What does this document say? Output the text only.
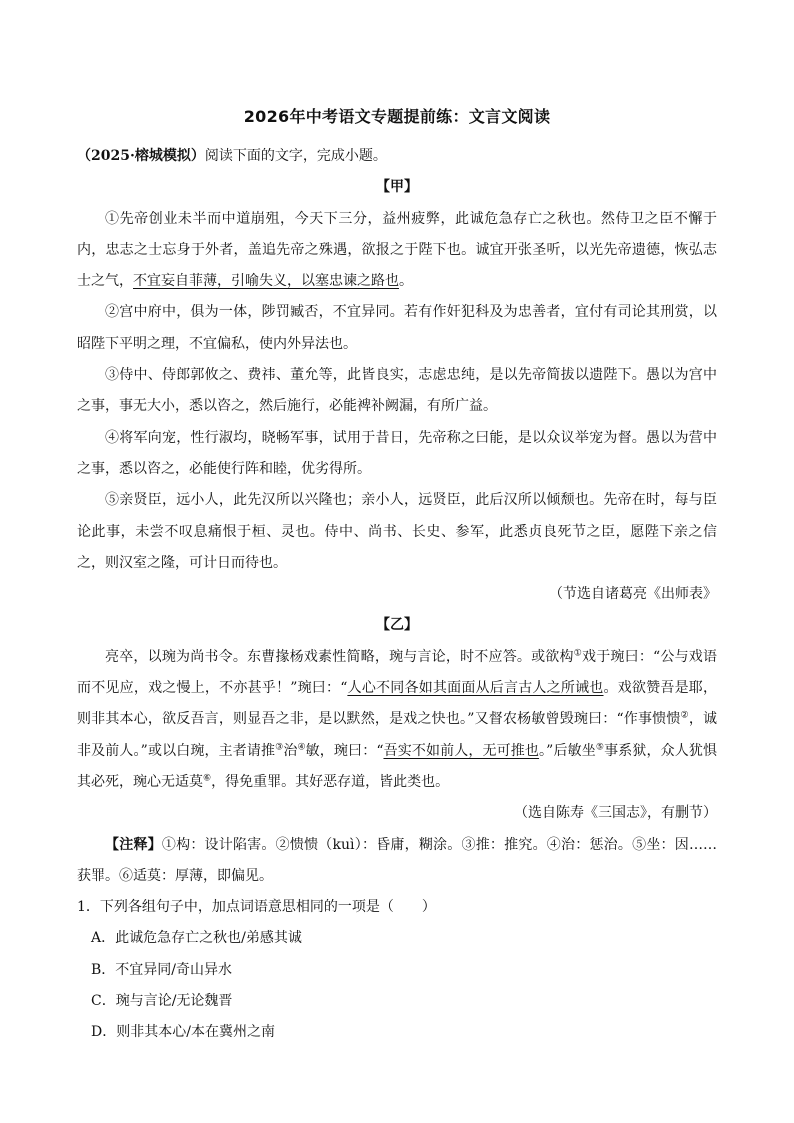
2026年中考语文专题提前练：文言文阅读
（2025·榕城模拟）阅读下面的文字，完成小题。
【甲】

①先帝创业未半而中道崩殂，今天下三分，益州疲弊，此诚危急存亡之秋也。然侍卫之臣不懈于内，忠志之士忘身于外者，盖追先帝之殊遇，欲报之于陛下也。诚宜开张圣听，以光先帝遗德，恢弘志士之气，不宜妄自菲薄，引喻失义，以塞忠谏之路也。

②宫中府中，俱为一体，陟罚臧否，不宜异同。若有作奸犯科及为忠善者，宜付有司论其刑赏，以昭陛下平明之理，不宜偏私，使内外异法也。

③侍中、侍郎郭攸之、费祎、董允等，此皆良实，志虑忠纯，是以先帝简拔以遗陛下。愚以为宫中之事，事无大小，悉以咨之，然后施行，必能裨补阙漏，有所广益。

④将军向宠，性行淑均，晓畅军事，试用于昔日，先帝称之曰能，是以众议举宠为督。愚以为营中之事，悉以咨之，必能使行阵和睦，优劣得所。

⑤亲贤臣，远小人，此先汉所以兴隆也；亲小人，远贤臣，此后汉所以倾颓也。先帝在时，每与臣论此事，未尝不叹息痛恨于桓、灵也。侍中、尚书、长史、参军，此悉贞良死节之臣，愿陛下亲之信之，则汉室之隆，可计日而待也。

（节选自诸葛亮《出师表》
【乙】

亮卒，以琬为尚书令。东曹掾杨戏素性简略，琬与言论，时不应答。或欲构①戏于琬曰：“公与戏语而不见应，戏之慢上，不亦甚乎！”琬曰：“人心不同各如其面面从后言古人之所诫也。戏欲赞吾是耶，则非其本心，欲反吾言，则显吾之非，是以默然，是戏之快也。”又督农杨敏曾毁琬曰：“作事愦愦②，诚非及前人。”或以白琬，主者请推③治④敏，琬曰：“吾实不如前人，无可推也。”后敏坐⑤事系狱，众人犹惧其必死，琬心无适莫⑥，得免重罪。其好恶存道，皆此类也。

（选自陈寿《三国志》，有删节）

【注释】①构：设计陷害。②愦愦（kuì）：昏庸，糊涂。③推：推究。④治：惩治。⑤坐：因……获罪。⑥适莫：厚薄，即偏见。

1．下列各组句子中，加点词语意思相同的一项是（　　）
A．此诚危急存亡之秋也/弟感其诚
B．不宜异同/奇山异水
C．琬与言论/无论魏晋
D．则非其本心/本在冀州之南
